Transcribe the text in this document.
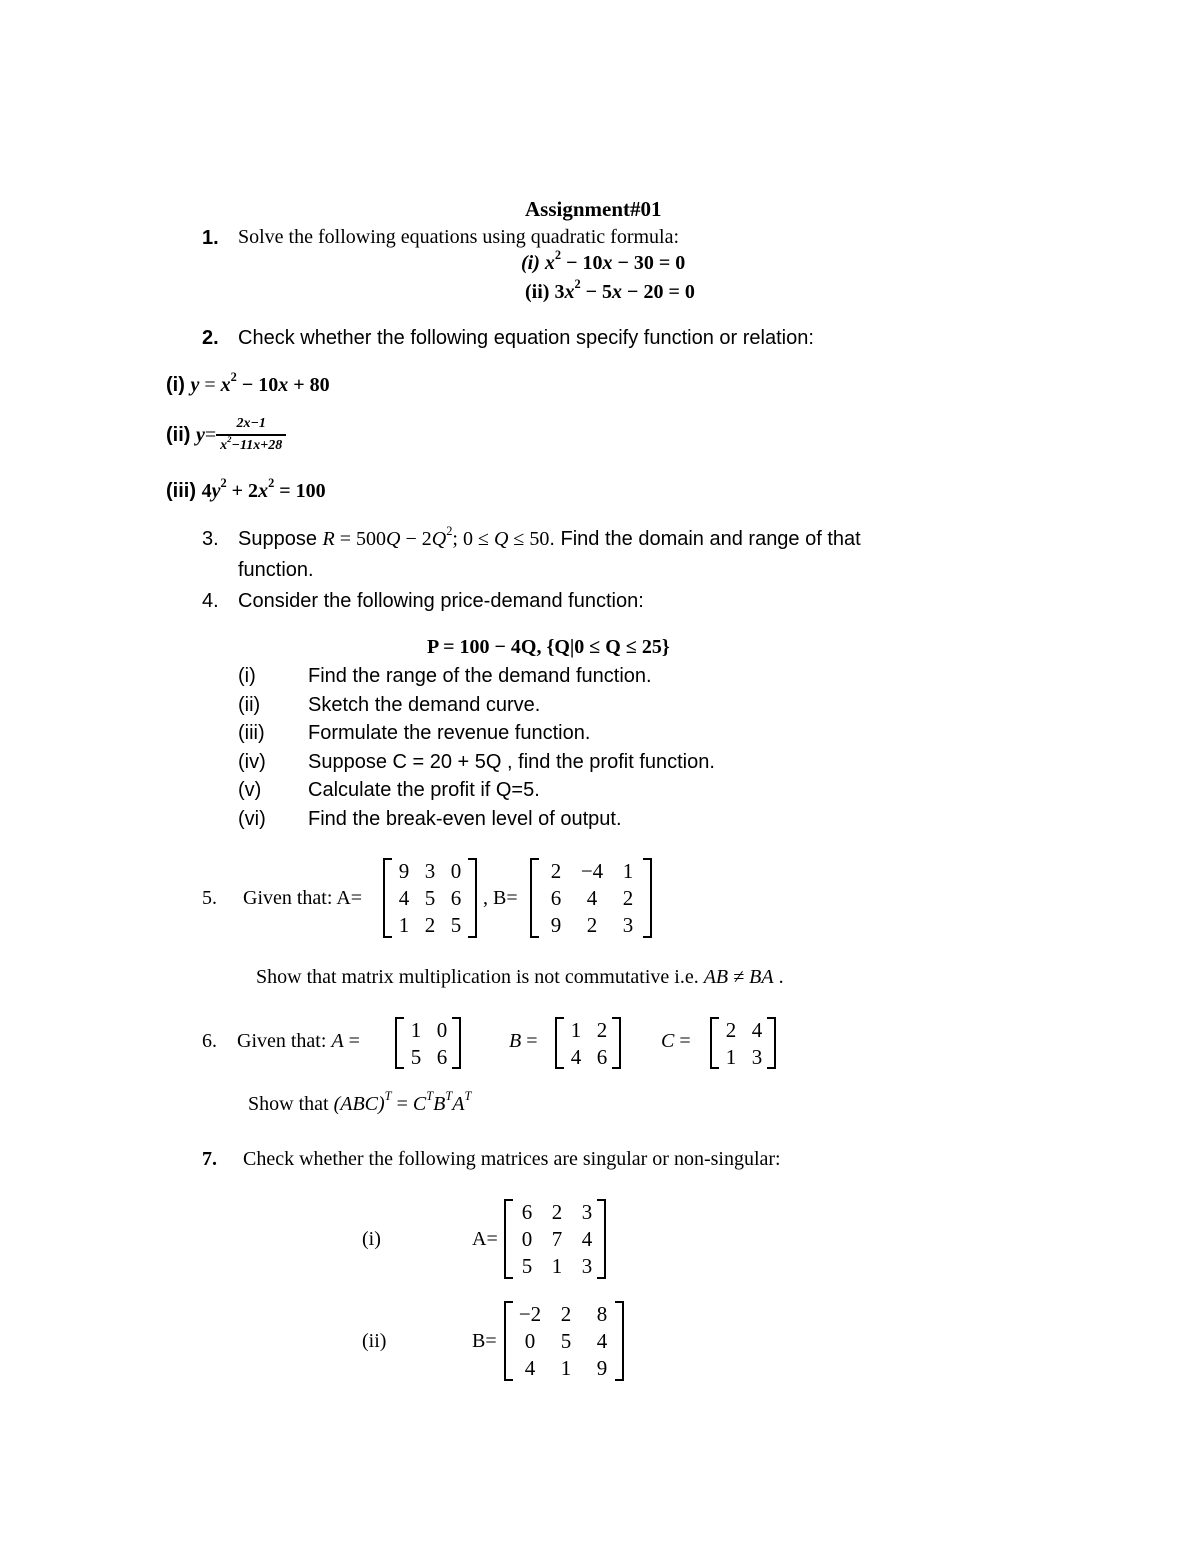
Assignment#01
1. Solve the following equations using quadratic formula:
(i) $x^2 - 10x - 30 = 0$
(ii) $3x^2 - 5x - 20 = 0$
2. Check whether the following equation specify function or relation:
(i) $y = x^2 - 10x + 80$
(ii)
$y = \frac{2x-1}{x^2-11x+28}$
(iii) $4y^2 + 2x^2 = 100$
3. Suppose $R = 500Q - 2Q^2$; 0 ≤ Q ≤ 50. Find the domain and range of that
function.
4. Consider the following price-demand function:
P = 100 − 4Q, {Q|0 ≤ Q ≤ 25}
(i)	Find the range of the demand function.
(ii) Sketch the demand curve.
(iii) Formulate the revenue function.
(iv) Suppose C = 20 + 5Q , find the profit function.
(v) Calculate the profit if Q=5.
(vi) Find the break-even level of output.
5. Given that: A=
9	3	0
4	5	6
1	2	5
, B=
2	−4	1
6	4	2
9	2	3
Show that matrix multiplication is not commutative i.e. AB ≠ BA .
6. Given that: A = 1	0
5	6
B = 1	2
4	6
C = 2	4
1	3
Show that $(ABC)^T = C^TB^TA^T$
7. Check whether the following matrices are singular or non-singular:
(i)	A=
6	2	3
0	7	4
5	1	3
(ii)	B=
−2	2	8
0	5	4
4	1	9
